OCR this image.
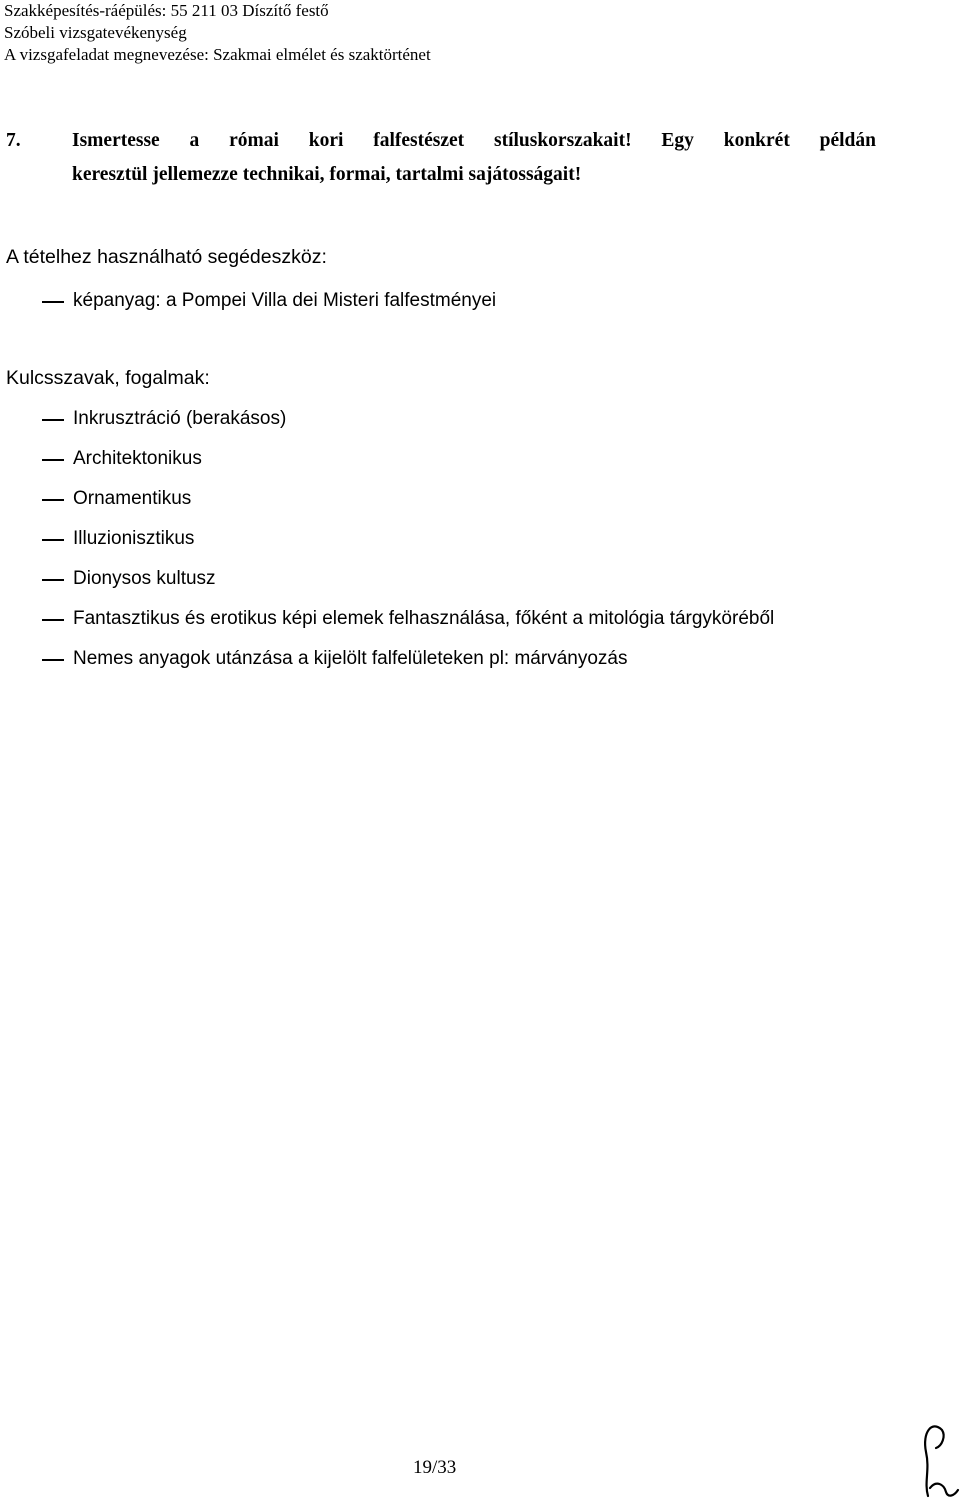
Szakképesítés-ráépülés: 55 211 03 Díszítő festő
Szóbeli vizsgatevékenység
A vizsgafeladat megnevezése: Szakmai elmélet és szaktörténet
7.	Ismertesse a római kori falfestészet stíluskorszakait! Egy konkrét példán
keresztül jellemezze technikai, formai, tartalmi sajátosságait!
A tételhez használható segédeszköz:
képanyag: a Pompei Villa dei Misteri falfestményei
Kulcsszavak, fogalmak:
Inkrusztráció (berakásos)
Architektonikus
Ornamentikus
Illuzionisztikus
Dionysos kultusz
Fantasztikus és erotikus képi elemek felhasználása, főként a mitológia tárgyköréből
Nemes anyagok utánzása a kijelölt falfelületeken pl: márványozás
19/33
